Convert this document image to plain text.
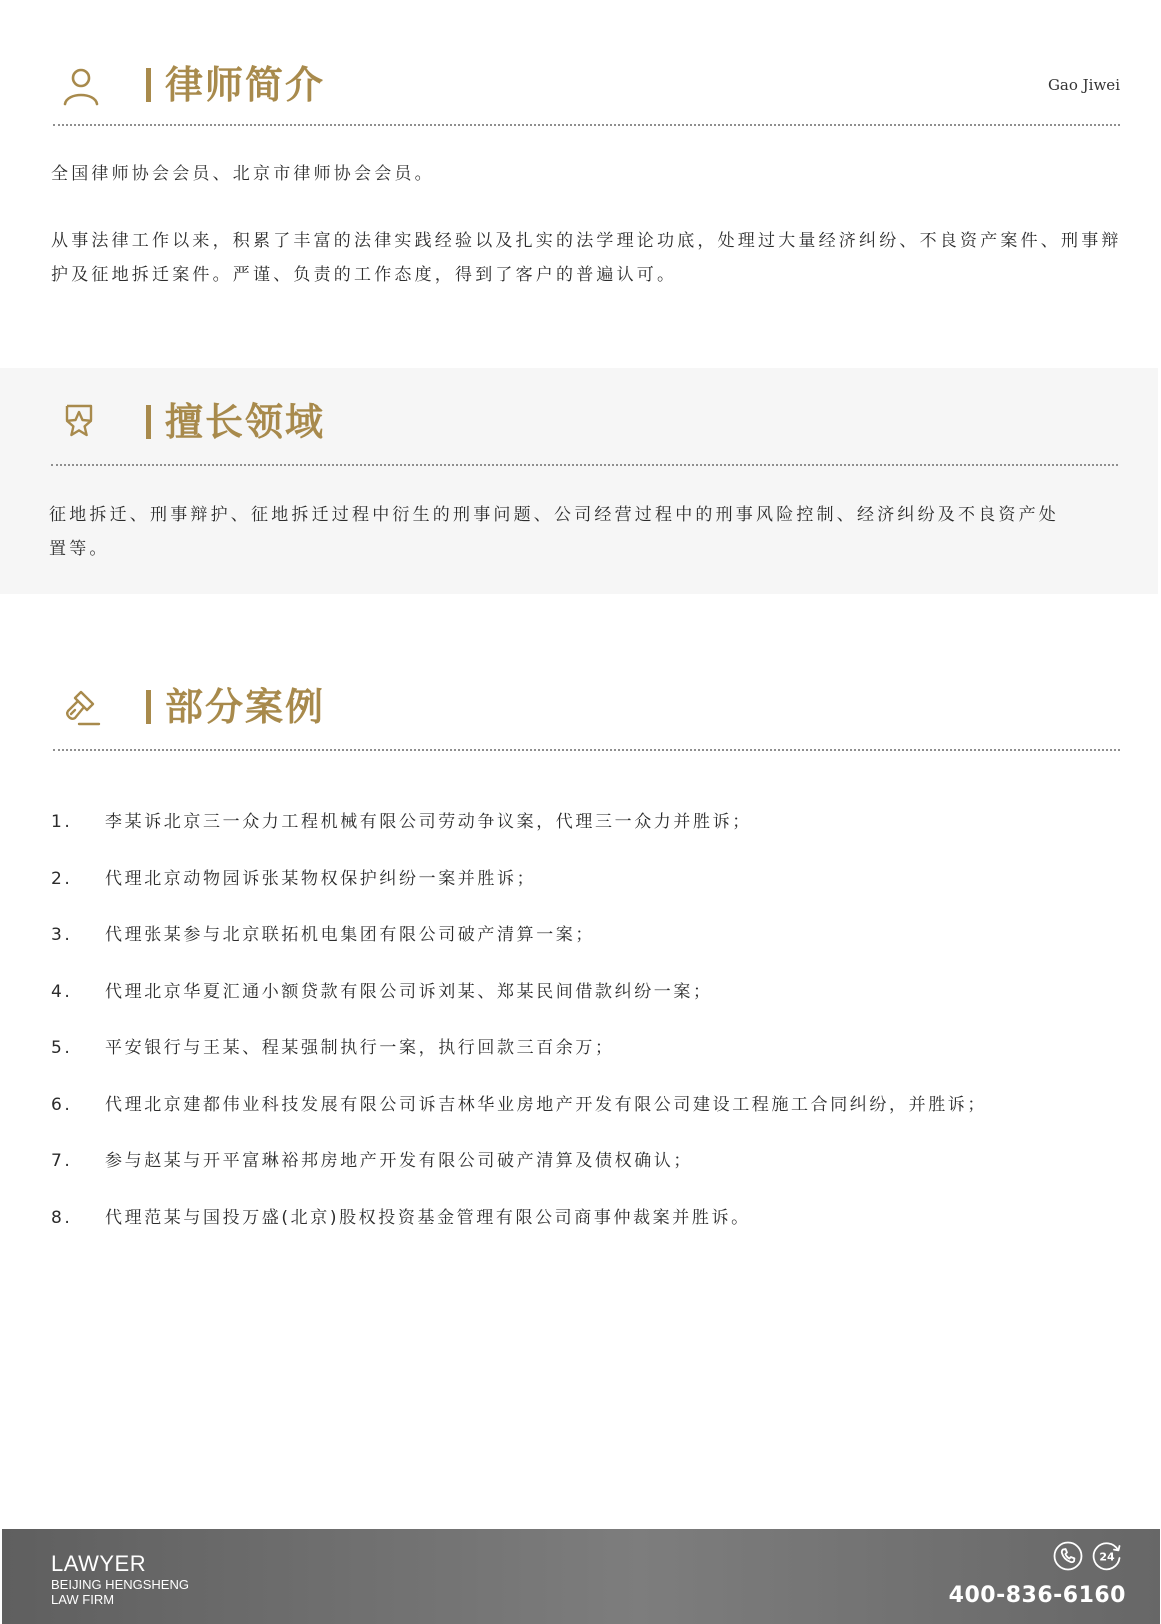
律师简介	Gao Jiwei

全国律师协会会员、北京市律师协会会员。

从事法律工作以来，积累了丰富的法律实践经验以及扎实的法学理论功底，处理过大量经济纠纷、不良资产案件、刑事辩护及征地拆迁案件。严谨、负责的工作态度，得到了客户的普遍认可。

擅长领域

征地拆迁、刑事辩护、征地拆迁过程中衍生的刑事问题、公司经营过程中的刑事风险控制、经济纠纷及不良资产处置等。

部分案例
1.	李某诉北京三一众力工程机械有限公司劳动争议案，代理三一众力并胜诉；
2.	代理北京动物园诉张某物权保护纠纷一案并胜诉；
3.	代理张某参与北京联拓机电集团有限公司破产清算一案；
4.	代理北京华夏汇通小额贷款有限公司诉刘某、郑某民间借款纠纷一案；
5.	平安银行与王某、程某强制执行一案，执行回款三百余万；
6.	代理北京建都伟业科技发展有限公司诉吉林华业房地产开发有限公司建设工程施工合同纠纷，并胜诉；
7.	参与赵某与开平富琳裕邦房地产开发有限公司破产清算及债权确认；
8.	代理范某与国投万盛(北京)股权投资基金管理有限公司商事仲裁案并胜诉。
LAWYER
BEIJING HENGSHENG
LAW FIRM
24
400-836-6160
